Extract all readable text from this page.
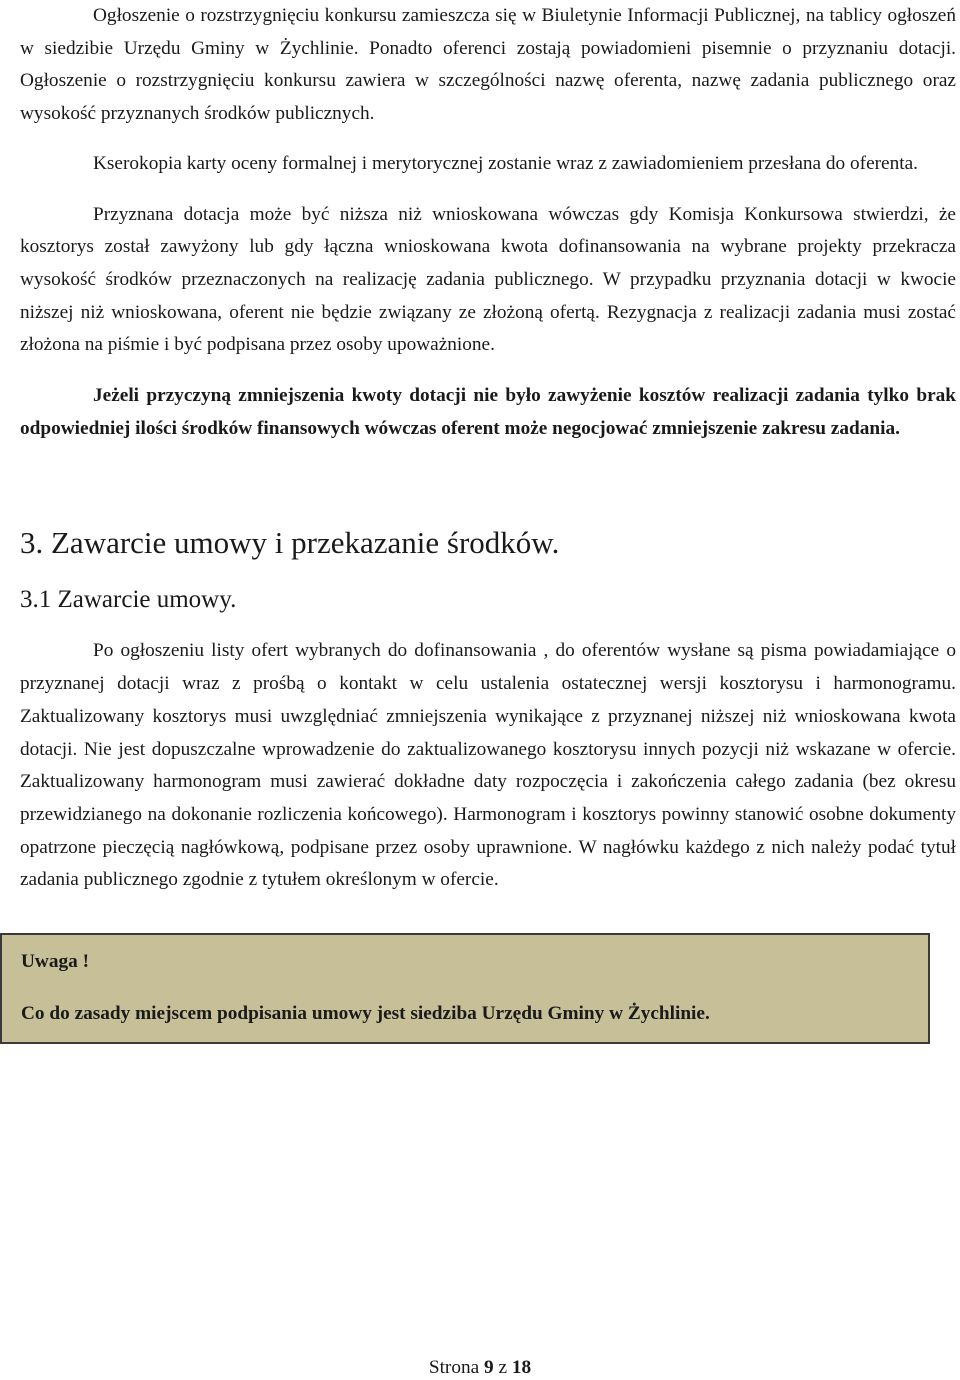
Ogłoszenie o rozstrzygnięciu konkursu zamieszcza się w Biuletynie Informacji Publicznej, na tablicy ogłoszeń w siedzibie Urzędu Gminy w Żychlinie. Ponadto oferenci zostają powiadomieni pisemnie o przyznaniu dotacji. Ogłoszenie o rozstrzygnięciu konkursu zawiera w szczególności nazwę oferenta, nazwę zadania publicznego oraz wysokość przyznanych środków publicznych.

Kserokopia karty oceny formalnej i merytorycznej zostanie wraz z zawiadomieniem przesłana do oferenta.

Przyznana dotacja może być niższa niż wnioskowana wówczas gdy Komisja Konkursowa stwierdzi, że kosztorys został zawyżony lub gdy łączna wnioskowana kwota dofinansowania na wybrane projekty przekracza wysokość środków przeznaczonych na realizację zadania publicznego. W przypadku przyznania dotacji w kwocie niższej niż wnioskowana, oferent nie będzie związany ze złożoną ofertą. Rezygnacja z realizacji zadania musi zostać złożona na piśmie i być podpisana przez osoby upoważnione.

Jeżeli przyczyną zmniejszenia kwoty dotacji nie było zawyżenie kosztów realizacji zadania tylko brak odpowiedniej ilości środków finansowych wówczas oferent może negocjować zmniejszenie zakresu zadania.

3. Zawarcie umowy i przekazanie środków.
3.1 Zawarcie umowy.

Po ogłoszeniu listy ofert wybranych do dofinansowania , do oferentów wysłane są pisma powiadamiające o przyznanej dotacji wraz z prośbą o kontakt w celu ustalenia ostatecznej wersji kosztorysu i harmonogramu. Zaktualizowany kosztorys musi uwzględniać zmniejszenia wynikające z przyznanej niższej niż wnioskowana kwota dotacji. Nie jest dopuszczalne wprowadzenie do zaktualizowanego kosztorysu innych pozycji niż wskazane w ofercie. Zaktualizowany harmonogram musi zawierać dokładne daty rozpoczęcia i zakończenia całego zadania (bez okresu przewidzianego na dokonanie rozliczenia końcowego). Harmonogram i kosztorys powinny stanowić osobne dokumenty opatrzone pieczęcią nagłówkową, podpisane przez osoby uprawnione. W nagłówku każdego z nich należy podać tytuł zadania publicznego zgodnie z tytułem określonym w ofercie.

Uwaga !
Co do zasady miejscem podpisania umowy jest siedziba Urzędu Gminy w Żychlinie.
Strona 9 z 18
